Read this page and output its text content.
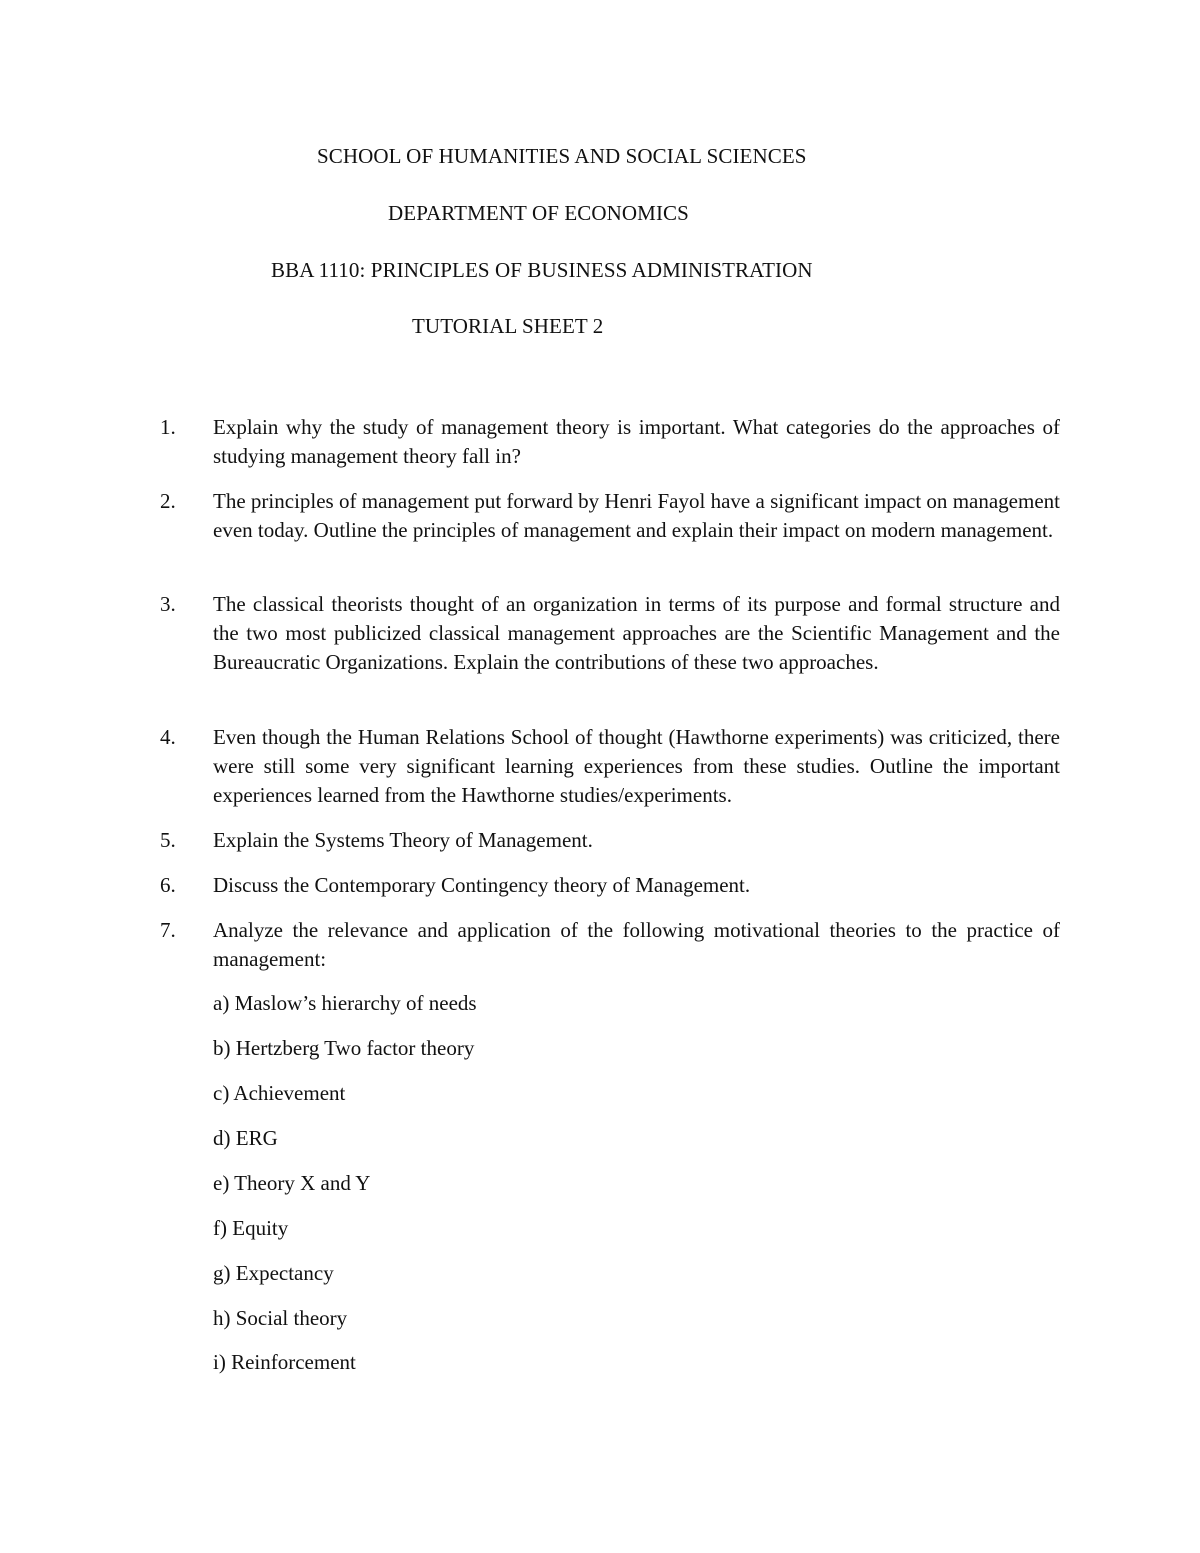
SCHOOL OF HUMANITIES AND SOCIAL SCIENCES
DEPARTMENT OF ECONOMICS
BBA 1110: PRINCIPLES OF BUSINESS ADMINISTRATION
TUTORIAL SHEET 2
1.	Explain why the study of management theory is important. What categories do the approaches of studying management theory fall in?
2.	The principles of management put forward by Henri Fayol have a significant impact on management even today. Outline the principles of management and explain their impact on modern management.
3.	The classical theorists thought of an organization in terms of its purpose and formal structure and the two most publicized classical management approaches are the Scientific Management and the Bureaucratic Organizations. Explain the contributions of these two approaches.
4.	Even though the Human Relations School of thought (Hawthorne experiments) was criticized, there were still some very significant learning experiences from these studies. Outline the important experiences learned from the Hawthorne studies/experiments.
5.	Explain the Systems Theory of Management.
6.	Discuss the Contemporary Contingency theory of Management.
7.	Analyze the relevance and application of the following motivational theories to the practice of management:
a) Maslow’s hierarchy of needs
b) Hertzberg Two factor theory
c) Achievement
d) ERG
e) Theory X and Y
f) Equity
g) Expectancy
h) Social theory
i) Reinforcement
